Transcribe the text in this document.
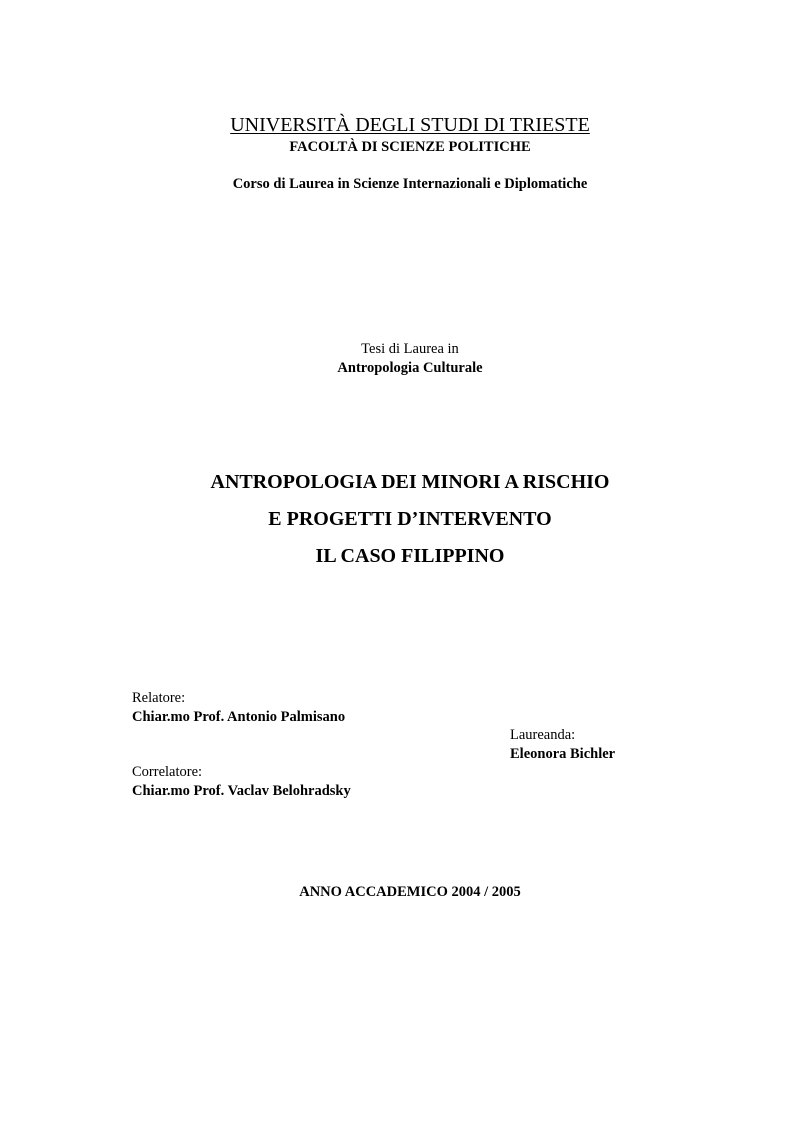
UNIVERSITÀ DEGLI STUDI DI TRIESTE
FACOLTÀ DI SCIENZE POLITICHE
Corso di Laurea in Scienze Internazionali e Diplomatiche
Tesi di Laurea in
Antropologia Culturale
ANTROPOLOGIA DEI MINORI A RISCHIO
E PROGETTI D’INTERVENTO
IL CASO FILIPPINO
Relatore:
Chiar.mo Prof. Antonio Palmisano
Laureanda:
Eleonora Bichler
Correlatore:
Chiar.mo Prof. Vaclav Belohradsky
ANNO ACCADEMICO 2004 / 2005
